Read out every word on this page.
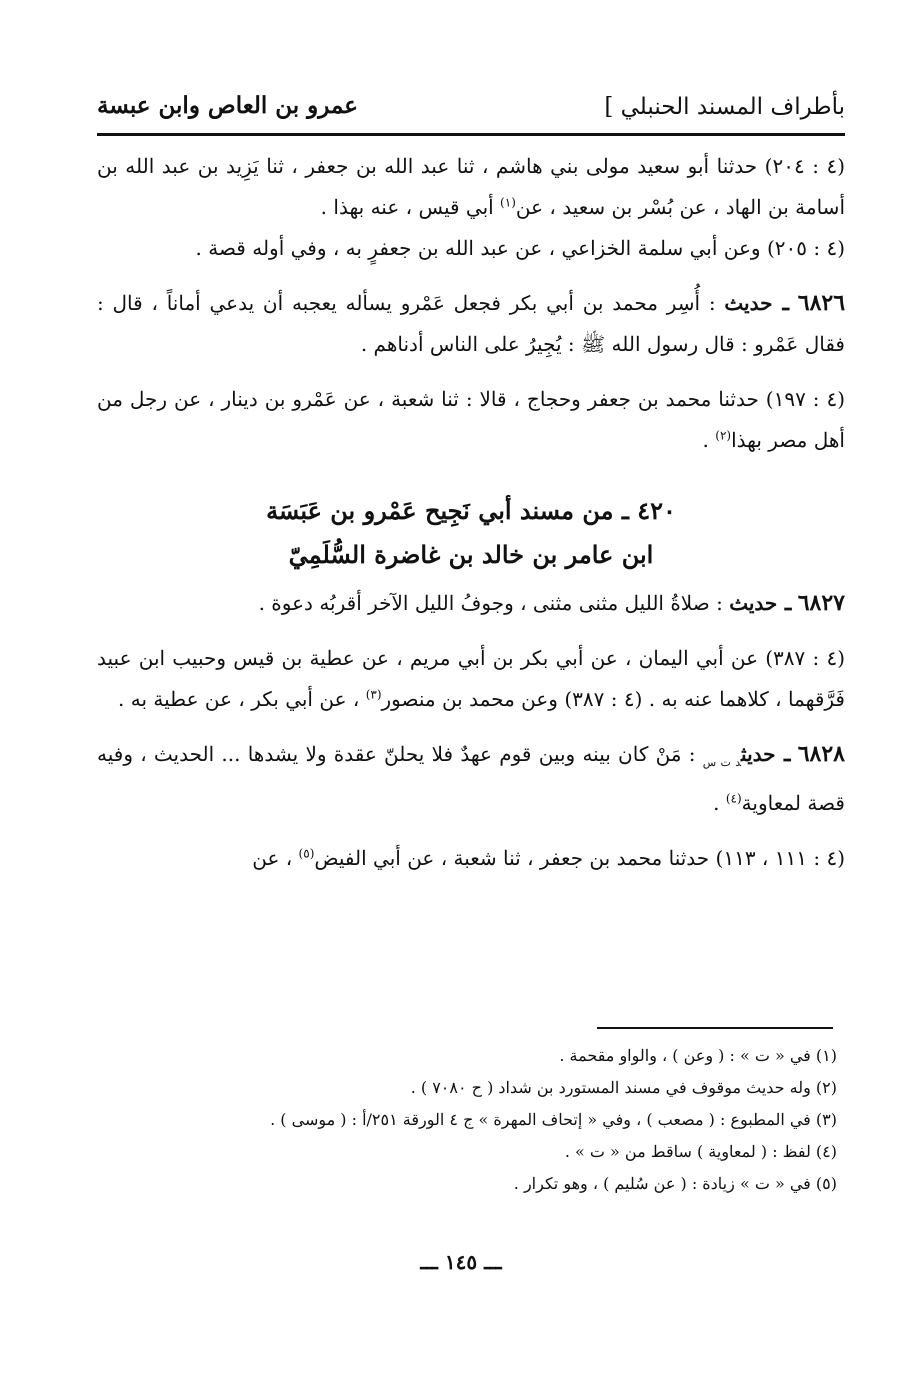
بأطراف المسند الحنبلي ]
عمرو بن العاص وابن عبسة

(٤ : ٢٠٤) حدثنا أبو سعيد مولى بني هاشم ، ثنا عبد الله بن جعفر ، ثنا يَزِيد بن عبد الله بن أسامة بن الهاد ، عن بُسْر بن سعيد ، عن$^{(١)}$ أبي قيس ، عنه بهذا .

(٤ : ٢٠٥) وعن أبي سلمة الخزاعي ، عن عبد الله بن جعفرٍ به ، وفي أوله قصة .

٦٨٢٦ ـ حديث : أُسِر محمد بن أبي بكر فجعل عَمْرو يسأله يعجبه أن يدعي أماناً ، قال : فقال عَمْرو : قال رسول الله ﷺ : يُجِيرُ على الناس أدناهم .

(٤ : ١٩٧) حدثنا محمد بن جعفر وحجاج ، قالا : ثنا شعبة ، عن عَمْرو بن دينار ، عن رجل من أهل مصر بهذا$^{(٢)}$ .

٤٢٠ ـ من مسند أبي نَجِيح عَمْرو بن عَبَسَة
ابن عامر بن خالد بن غاضرة السُّلَمِيّ

٦٨٢٧ ـ حديث : صلاةُ الليل مثنى مثنى ، وجوفُ الليل الآخر أقربُه دعوة .

(٤ : ٣٨٧) عن أبي اليمان ، عن أبي بكر بن أبي مريم ، عن عطية بن قيس وحبيب ابن عبيد فَرَّقهما ، كلاهما عنه به . (٤ : ٣٨٧) وعن محمد بن منصور$^{(٣)}$ ، عن أبي بكر ، عن عطية به .

٦٨٢٨ ـ حديث$_{د ت س}$ : مَنْ كان بينه وبين قوم عهدٌ فلا يحلنّ عقدة ولا يشدها ... الحديث ، وفيه قصة لمعاوية$^{(٤)}$ .

(٤ : ١١١ ، ١١٣) حدثنا محمد بن جعفر ، ثنا شعبة ، عن أبي الفيض$^{(٥)}$ ، عن

(١) في « ت » : ( وعن ) ، والواو مقحمة .

(٢) وله حديث موقوف في مسند المستورد بن شداد ( ح ٧٠٨٠ ) .

(٣) في المطبوع : ( مصعب ) ، وفي « إتحاف المهرة » ج ٤ الورقة ٢٥١/أ : ( موسى ) .

(٤) لفظ : ( لمعاوية ) ساقط من « ت » .

(٥) في « ت » زيادة : ( عن سُليم ) ، وهو تكرار .

ـــ ١٤٥ ـــ
